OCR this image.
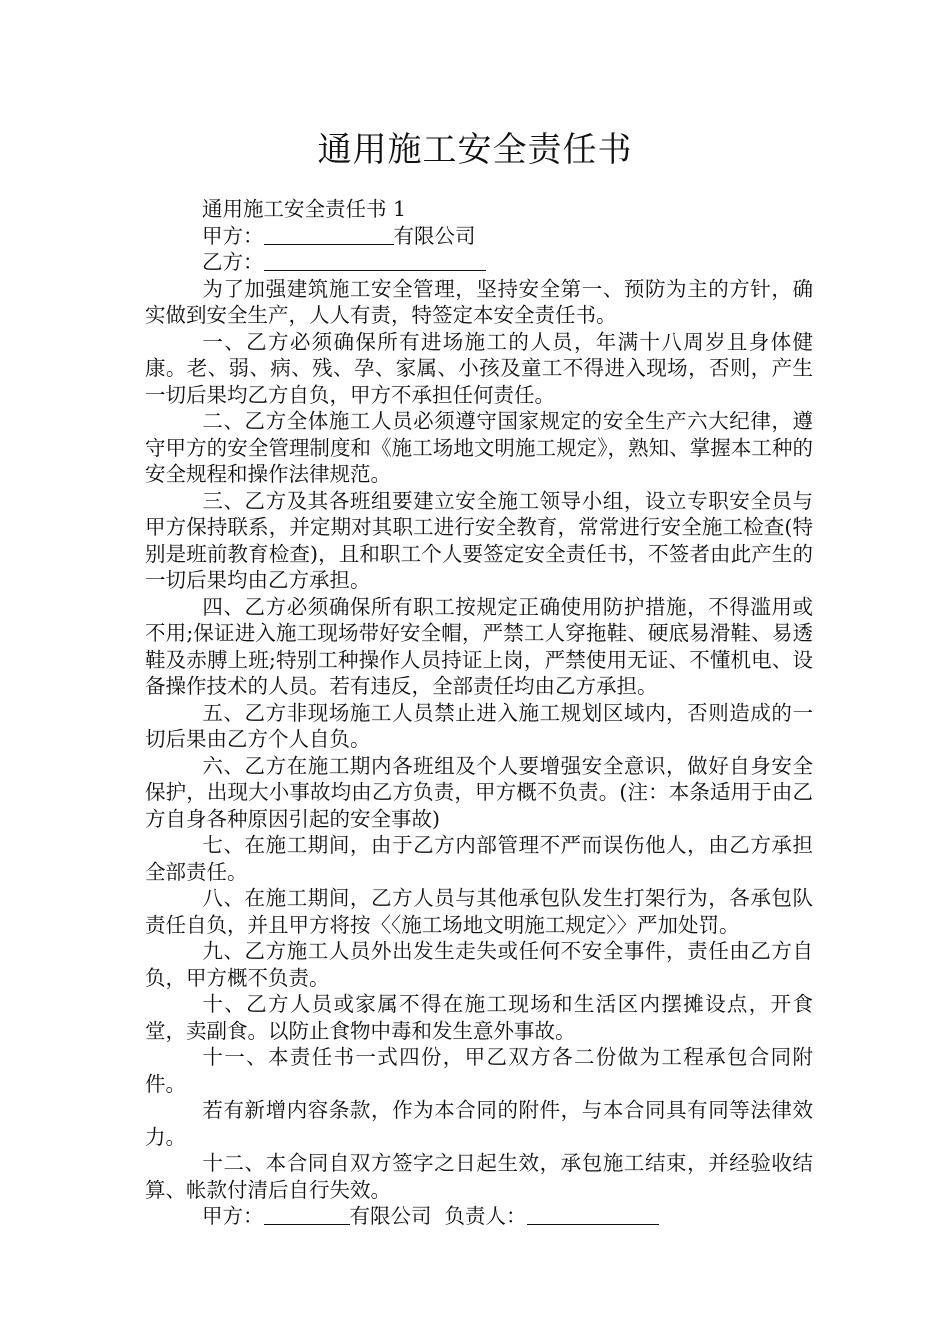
通用施工安全责任书
通用施工安全责任书 1
甲方：	有限公司
乙方：

为了加强建筑施工安全管理，坚持安全第一、预防为主的方针，确实做到安全生产，人人有责，特签定本安全责任书。

一、乙方必须确保所有进场施工的人员，年满十八周岁且身体健康。老、弱、病、残、孕、家属、小孩及童工不得进入现场，否则，产生一切后果均乙方自负，甲方不承担任何责任。

二、乙方全体施工人员必须遵守国家规定的安全生产六大纪律，遵守甲方的安全管理制度和《施工场地文明施工规定》，熟知、掌握本工种的安全规程和操作法律规范。

三、乙方及其各班组要建立安全施工领导小组，设立专职安全员与甲方保持联系，并定期对其职工进行安全教育，常常进行安全施工检查(特别是班前教育检查)，且和职工个人要签定安全责任书，不签者由此产生的一切后果均由乙方承担。

四、乙方必须确保所有职工按规定正确使用防护措施，不得滥用或不用;保证进入施工现场带好安全帽，严禁工人穿拖鞋、硬底易滑鞋、易透鞋及赤膊上班;特别工种操作人员持证上岗，严禁使用无证、不懂机电、设备操作技术的人员。若有违反，全部责任均由乙方承担。

五、乙方非现场施工人员禁止进入施工规划区域内，否则造成的一切后果由乙方个人自负。

六、乙方在施工期内各班组及个人要增强安全意识，做好自身安全保护，出现大小事故均由乙方负责，甲方概不负责。(注：本条适用于由乙方自身各种原因引起的安全事故)

七、在施工期间，由于乙方内部管理不严而误伤他人，由乙方承担全部责任。

八、在施工期间，乙方人员与其他承包队发生打架行为，各承包队责任自负，并且甲方将按〈〈施工场地文明施工规定〉〉严加处罚。

九、乙方施工人员外出发生走失或任何不安全事件，责任由乙方自负，甲方概不负责。

十、乙方人员或家属不得在施工现场和生活区内摆摊设点，开食堂，卖副食。以防止食物中毒和发生意外事故。

十一、本责任书一式四份，甲乙双方各二份做为工程承包合同附件。

若有新增内容条款，作为本合同的附件，与本合同具有同等法律效力。

十二、本合同自双方签字之日起生效，承包施工结束，并经验收结算、帐款付清后自行失效。

甲方：	有限公司 负责人：
